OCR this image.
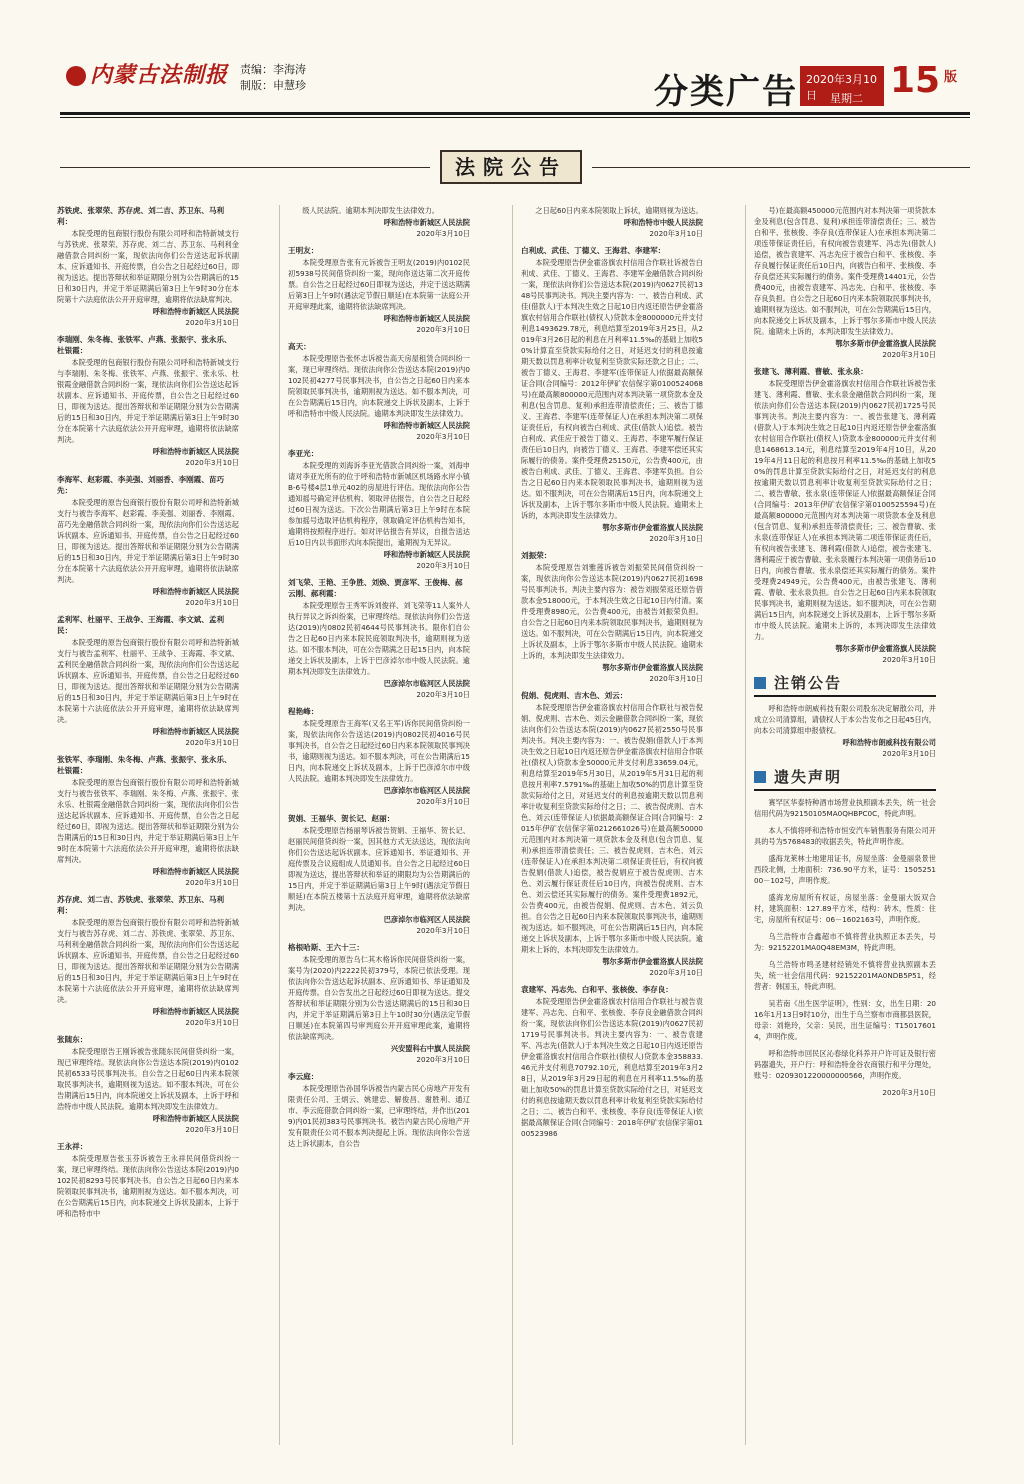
内蒙古法制报 责编：李海涛
制版：申慧珍	分类广告 2020年3月10日	星期二 15 版
法院公告
苏铁虎、张翠荣、苏存虎、刘二吉、苏卫东、马利利：
本院受理的包商银行股份有限公司呼和浩特新城支行与苏铁虎、张翠荣、苏存虎、刘二吉、苏卫东、马利利金融借款合同纠纷一案，现依法向你们公告送达起诉状副本、应诉通知书、开庭传票，自公告之日起经过60日，即视为送达。提出答辩状和举证期限分别为公告期满后的15日和30日内，并定于举证期满后第3日上午9时30分在本院第十六法庭依法公开开庭审理，逾期将依法缺席判决。
呼和浩特市新城区人民法院
2020年3月10日
李瑞刚、朱冬梅、张铁军、卢燕、张振宇、张永乐、杜银霞：
本院受理的包商银行股份有限公司呼和浩特新城支行与李瑞刚、朱冬梅、张铁军、卢燕、张振宇、张永乐、杜银霞金融借款合同纠纷一案，现依法向你们公告送达起诉状副本、应诉通知书、开庭传票，自公告之日起经过60日，即视为送达。提出答辩状和举证期限分别为公告期满后的15日和30日内，并定于举证期满后第3日上午9时30分在本院第十六法庭依法公开开庭审理，逾期将依法缺席判决。
呼和浩特市新城区人民法院
2020年3月10日
李海军、赵彩霞、李美强、刘丽香、李刚霞、苗巧先：
本院受理的原告包商银行股份有限公司呼和浩特新城支行与被告李海军、赵彩霞、李美强、刘丽香、李刚霞、苗巧先金融借款合同纠纷一案，现依法向你们公告送达起诉状副本、应诉通知书、开庭传票，自公告之日起经过60日，即视为送达。提出答辩状和举证期限分别为公告期满后的15日和30日内，并定于举证期满后第3日上午9时30分在本院第十六法庭依法公开开庭审理，逾期将依法缺席判决。
呼和浩特市新城区人民法院
2020年3月10日
孟利军、杜丽平、王战争、王海霞、李文斌、孟利民：
本院受理的原告包商银行股份有限公司呼和浩特新城支行与被告孟利军、杜丽平、王战争、王海霞、李文斌、孟利民金融借款合同纠纷一案，现依法向你们公告送达起诉状副本、应诉通知书、开庭传票，自公告之日起经过60日，即视为送达。提出答辩状和举证期限分别为公告期满后的15日和30日内，并定于举证期满后第3日上午9时在本院第十六法庭依法公开开庭审理，逾期将依法缺席判决。
呼和浩特市新城区人民法院
2020年3月10日
张铁军、李瑞刚、朱冬梅、卢燕、张振宇、张永乐、杜银霞：
本院受理的原告包商银行股份有限公司呼和浩特新城支行与被告张铁军、李瑞刚、朱冬梅、卢燕、张振宇、张永乐、杜银霞金融借款合同纠纷一案，现依法向你们公告送达起诉状副本、应诉通知书、开庭传票，自公告之日起经过60日，即视为送达。提出答辩状和举证期限分别为公告期满后的15日和30日内，并定于举证期满后第3日上午9时在本院第十六法庭依法公开开庭审理，逾期将依法缺席判决。
呼和浩特市新城区人民法院
2020年3月10日
苏存虎、刘二吉、苏铁虎、张翠荣、苏卫东、马利利：
本院受理的原告包商银行股份有限公司呼和浩特新城支行与被告苏存虎、刘二吉、苏铁虎、张翠荣、苏卫东、马利利金融借款合同纠纷一案，现依法向你们公告送达起诉状副本、应诉通知书、开庭传票，自公告之日起经过60日，即视为送达。提出答辩状和举证期限分别为公告期满后的15日和30日内，并定于举证期满后第3日上午9时在本院第十六法庭依法公开开庭审理，逾期将依法缺席判决。
呼和浩特市新城区人民法院
2020年3月10日
张随东：
本院受理原告王刚诉被告张随东民间借贷纠纷一案，现已审理终结。现依法向你公告送达本院(2019)内0102民初6533号民事判决书。自公告之日起60日内来本院领取民事判决书，逾期则视为送达。如不服本判决，可在公告期满后15日内，向本院递交上诉状及副本，上诉于呼和浩特市中级人民法院。逾期本判决即发生法律效力。
呼和浩特市新城区人民法院
2020年3月10日
王永祥：
本院受理原告张玉芬诉被告王永祥民间借贷纠纷一案，现已审理终结。现依法向你公告送达本院(2019)内0102民初8293号民事判决书。自公告之日起60日内来本院领取民事判决书，逾期则视为送达。如不服本判决，可在公告期满后15日内，向本院递交上诉状及副本，上诉于呼和浩特市中
级人民法院。逾期本判决即发生法律效力。
呼和浩特市新城区人民法院
2020年3月10日
王明友：
本院受理原告张有元诉被告王明友(2019)内0102民初5938号民间借贷纠纷一案，现向你送达第二次开庭传票。自公告之日起经过60日即视为送达，并定于送达期满后第3日上午9时(遇法定节假日顺延)在本院第一法庭公开开庭审理此案，逾期将依法缺席判决。
呼和浩特市新城区人民法院
2020年3月10日
高天：
本院受理原告张怀志诉被告高天房屋租赁合同纠纷一案，现已审理终结。现依法向你公告送达本院(2019)内0102民初4277号民事判决书，自公告之日起60日内来本院领取民事判决书，逾期则视为送达。如不服本判决，可在公告期满后15日内，向本院递交上诉状及副本，上诉于呼和浩特市中级人民法院。逾期本判决即发生法律效力。
呼和浩特市新城区人民法院
2020年3月10日
李亚光：
本院受理的刘海诉李亚光借款合同纠纷一案，刘海申请对李亚光所有的位于呼和浩特市新城区机场路水岸小镇B-6号楼4层1单元402的房屋进行评估。现依法向你公告通知摇号确定评估机构、领取评估报告，自公告之日起经过60日视为送达。下次公告期满后第3日上午9时在本院参加摇号选取评估机构程序，领取确定评估机构告知书，逾期将按照程序进行。如对评估报告有异议，自报告送达后10日内以书面形式向本院提出，逾期视为无异议。
呼和浩特市新城区人民法院
2020年3月10日
刘飞荣、王艳、王争胜、刘焕、贾彦军、王俊梅、郝云刚、郝利霞：
本院受理原告王秀军诉刘俊祥、刘飞荣等11人案外人执行异议之诉纠纷案，已审理终结。现依法向你们公告送达(2019)内0802民初4644号民事判决书。限你们自公告之日起60日内来本院民庭领取判决书，逾期则视为送达。如不服本判决，可在公告期满之日起15日内，向本院递交上诉状及副本，上诉于巴彦淖尔市中级人民法院。逾期本判决即发生法律效力。
巴彦淖尔市临河区人民法院
2020年3月10日
程艳峰：
本院受理原告王海军(又名王军)诉你民间借贷纠纷一案，现依法向你公告送达(2019)内0802民初4016号民事判决书，自公告之日起经过60日内来本院领取民事判决书，逾期则视为送达。如不服本判决，可在公告期满后15日内，向本院递交上诉状及副本，上诉于巴彦淖尔市中级人民法院。逾期本判决即发生法律效力。
巴彦淖尔市临河区人民法院
2020年3月10日
贺娟、王福华、贺长记、赵丽：
本院受理原告杨丽琴诉被告贺娟、王福华、贺长记、赵丽民间借贷纠纷一案，因其他方式无法送达，现依法向你们公告送达起诉状副本、应诉通知书、举证通知书、开庭传票及合议庭组成人员通知书。自公告之日起经过60日即视为送达，提出答辩状和举证的期限均为公告期满后的15日内，并定于举证期满后第3日上午9时(遇法定节假日顺延)在本院五楼第十五法庭开庭审理，逾期将依法缺席判决。
巴彦淖尔市临河区人民法院
2020年3月10日
格根哈斯、王六十三：
本院受理的原告乌仁其木格诉你民间借贷纠纷一案，案号为(2020)内2222民初379号，本院已依法受理。现依法向你公告送达起诉状副本、应诉通知书、举证通知及开庭传票。自公告发出之日起经过60日即视为送达。提交答辩状和举证期限分别为公告送达期满后的15日和30日内，并定于举证期满后第3日上午10时30分(遇法定节假日顺延)在本院第四号审判庭公开开庭审理此案，逾期将依法缺席判决。
兴安盟科右中旗人民法院
2020年3月10日
李云庭：
本院受理原告孙国华诉被告内蒙古民心房地产开发有限责任公司、王炳云、姚建忠、解俊昌、谢胜利、通辽市、李云庭借款合同纠纷一案，已审理终结，并作出(2019)内01民初383号民事判决书。被告内蒙古民心房地产开发有限责任公司不服本判决提起上诉。现依法向你公告送达上诉状副本，自公告
之日起60日内来本院领取上诉状，逾期则视为送达。
呼和浩特市中级人民法院
2020年3月10日
白利成、武佳、丁德义、王海君、李建军：
本院受理原告伊金霍洛旗农村信用合作联社诉被告白利成、武佳、丁德义、王海君、李建军金融借款合同纠纷一案，现依法向你们公告送达本院(2019)内0627民初1348号民事判决书。判决主要内容为：一、被告白利成、武佳(借款人)于本判决生效之日起10日内返还原告伊金霍洛旗农村信用合作联社(债权人)贷款本金8000000元并支付利息1493629.78元，利息结算至2019年3月25日，从2019年3月26日起的利息在月利率11.5‰的基础上加收50%计算直至贷款实际给付之日，对延迟支付的利息按逾期天数以罚息利率计收复利至贷款实际还款之日止；二、被告丁德义、王海君、李建军(连带保证人)依据最高额保证合同(合同编号：2012年伊矿农信保字第0100524068号)在最高额800000元范围内对本判决第一项贷款本金及利息(包含罚息、复利)承担连带清偿责任；三、被告丁德义、王海君、李建军(连带保证人)在承担本判决第二项保证责任后，有权向被告白利成、武佳(借款人)追偿。被告白利成、武佳应于被告丁德义、王海君、李建军履行保证责任后10日内，向被告丁德义、王海君、李建军偿还其实际履行的债务。案件受理费25150元，公告费400元，由被告白利成、武佳、丁德义、王海君、李建军负担。自公告之日起60日内来本院领取民事判决书，逾期则视为送达。如不服判决，可在公告期满后15日内，向本院递交上诉状及副本，上诉于鄂尔多斯市中级人民法院。逾期未上诉的，本判决即发生法律效力。
鄂尔多斯市伊金霍洛旗人民法院
2020年3月10日
刘振荣：
本院受理原告刘雅莲诉被告刘振荣民间借贷纠纷一案，现依法向你公告送达本院(2019)内0627民初1698号民事判决书。判决主要内容为：被告刘振荣返还原告借款本金518000元，于本判决生效之日起10日内付清。案件受理费8980元，公告费400元，由被告刘振荣负担。自公告之日起60日内来本院领取民事判决书，逾期则视为送达。如不服判决，可在公告期满后15日内，向本院递交上诉状及副本，上诉于鄂尔多斯市中级人民法院。逾期未上诉的，本判决即发生法律效力。
鄂尔多斯市伊金霍洛旗人民法院
2020年3月10日
倪娟、倪虎则、吉木色、刘云：
本院受理原告伊金霍洛旗农村信用合作联社与被告倪娟、倪虎则、吉木色、刘云金融借款合同纠纷一案，现依法向你们公告送达本院(2019)内0627民初2550号民事判决书。判决主要内容为：一、被告倪娟(借款人)于本判决生效之日起10日内返还原告伊金霍洛旗农村信用合作联社(债权人)贷款本金50000元并支付利息33659.04元，利息结算至2019年5月30日，从2019年5月31日起的利息按月利率7.5791‰的基础上加收50%的罚息计算至贷款实际给付之日，对延迟支付的利息按逾期天数以罚息利率计收复利至贷款实际给付之日；二、被告倪虎则、吉木色、刘云(连带保证人)依据最高额保证合同(合同编号：2015年伊矿农信保字第0212661026号)在最高额50000元范围内对本判决第一项贷款本金及利息(包含罚息、复利)承担连带清偿责任；三、被告倪虎则、吉木色、刘云(连带保证人)在承担本判决第二项保证责任后，有权向被告倪娟(借款人)追偿，被告倪娟应于被告倪虎则、吉木色、刘云履行保证责任后10日内，向被告倪虎则、吉木色、刘云偿还其实际履行的债务。案件受理费1892元，公告费400元，由被告倪娟、倪虎则、吉木色、刘云负担。自公告之日起60日内来本院领取民事判决书，逾期则视为送达。如不服判决，可在公告期满后15日内，向本院递交上诉状及副本，上诉于鄂尔多斯市中级人民法院。逾期未上诉的，本判决即发生法律效力。
鄂尔多斯市伊金霍洛旗人民法院
2020年3月10日
袁建军、冯志先、白和平、张核俊、李存良：
本院受理原告伊金霍洛旗农村信用合作联社与被告袁建军、冯志先、白和平、张核俊、李存良金融借款合同纠纷一案，现依法向你们公告送达本院(2019)内0627民初1719号民事判决书。判决主要内容为：一、被告袁建军、冯志先(借款人)于本判决生效之日起10日内返还原告伊金霍洛旗农村信用合作联社(债权人)贷款本金358833.46元并支付利息70792.10元，利息结算至2019年3月28日，从2019年3月29日起的利息在月利率11.5‰的基础上加收50%的罚息计算至贷款实际给付之日，对延迟支付的利息按逾期天数以罚息利率计收复利至贷款实际给付之日；二、被告白和平、张核俊、李存良(连带保证人)依据最高额保证合同(合同编号：2018年伊矿农信保字第0100523986
号)在最高额450000元范围内对本判决第一项贷款本金及利息(包含罚息、复利)承担连带清偿责任；三、被告白和平、张核俊、李存良(连带保证人)在承担本判决第二项连带保证责任后，有权向被告袁建军、冯志先(借款人)追偿，被告袁建军、冯志先应于被告白和平、张核俊、李存良履行保证责任后10日内，向被告白和平、张核俊、李存良偿还其实际履行的债务。案件受理费14401元，公告费400元，由被告袁建军、冯志先、白和平、张核俊、李存良负担。自公告之日起60日内来本院领取民事判决书，逾期则视为送达。如不服判决，可在公告期满后15日内，向本院递交上诉状及副本，上诉于鄂尔多斯市中级人民法院。逾期未上诉的，本判决即发生法律效力。
鄂尔多斯市伊金霍洛旗人民法院
2020年3月10日
张建飞、薄利霞、曹敏、张永泉：
本院受理原告伊金霍洛旗农村信用合作联社诉被告张建飞、薄利霞、曹敏、张永泉金融借款合同纠纷一案，现依法向你们公告送达本院(2019)内0627民初1725号民事判决书。判决主要内容为：一、被告张建飞、薄利霞(借款人)于本判决生效之日起10日内返还原告伊金霍洛旗农村信用合作联社(债权人)贷款本金800000元并支付利息1468613.14元，利息结算至2019年4月10日，从2019年4月11日起的利息按月利率11.5‰的基础上加收50%的罚息计算至贷款实际给付之日，对延迟支付的利息按逾期天数以罚息利率计收复利至贷款实际给付之日；二、被告曹敏、张永泉(连带保证人)依据最高额保证合同(合同编号：2013年伊矿农信保字第0100525594号)在最高额800000元范围内对本判决第一项贷款本金及利息(包含罚息、复利)承担连带清偿责任；三、被告曹敏、张永泉(连带保证人)在承担本判决第二项连带保证责任后，有权向被告张建飞、薄利霞(借款人)追偿，被告张建飞、薄利霞应于被告曹敏、张永泉履行本判决第一项债务后10日内，向被告曹敏、张永泉偿还其实际履行的债务。案件受理费24949元，公告费400元，由被告张建飞、薄利霞、曹敏、张永泉负担。自公告之日起60日内来本院领取民事判决书，逾期则视为送达。如不服判决，可在公告期满后15日内，向本院递交上诉状及副本，上诉于鄂尔多斯市中级人民法院。逾期未上诉的，本判决即发生法律效力。
鄂尔多斯市伊金霍洛旗人民法院
2020年3月10日
注销公告
呼和浩特市朗威科技有限公司股东决定解散公司，并成立公司清算组，请债权人于本公告发布之日起45日内，向本公司清算组申报债权。
呼和浩特市朗威科技有限公司
2020年3月10日
遗失声明
赛罕区华泰特种酒市场营业执照副本丢失，统一社会信用代码为92150105MA0QHBPC0C，特此声明。
本人不慎将呼和浩特市恒安汽车销售服务有限公司开具的号为5768483的收据丢失，特此声明作废。
盛海龙莱林士地建用证书，房屋坐落：金曼丽泉景世西段北侧，土地面积：736.90平方米，证号：150525100－102号，声明作废。
盛海龙房屋所有权证，房屋坐落：金曼丽大饭双合村，建筑面积：127.89平方米，结构：砖木，性质：住宅，房屋所有权证号：06－1602163号，声明作废。
乌兰浩特市合鑫超市不慎将营业执照正本丢失，号为：92152201MA0Q48EM3M，特此声明。
乌兰浩特市鸣圣建材经销处不慎将营业执照副本丢失，统一社会信用代码：92152201MA0NDB5P51，经营者：韩国玉，特此声明。
吴若南《出生医学证明》，性别：女，出生日期：2016年1月13日9时10分，出生于乌兰察布市商都县医院，母亲：刘艳玲，父亲：吴民，出生证编号：T150176014，声明作废。
呼和浩特市回民区沁春绿化科养开户许可证及银行密码器遗失，开户行：呼和浩特金谷农商银行和平分理处，账号：0209301220000000566，声明作废。
2020年3月10日
